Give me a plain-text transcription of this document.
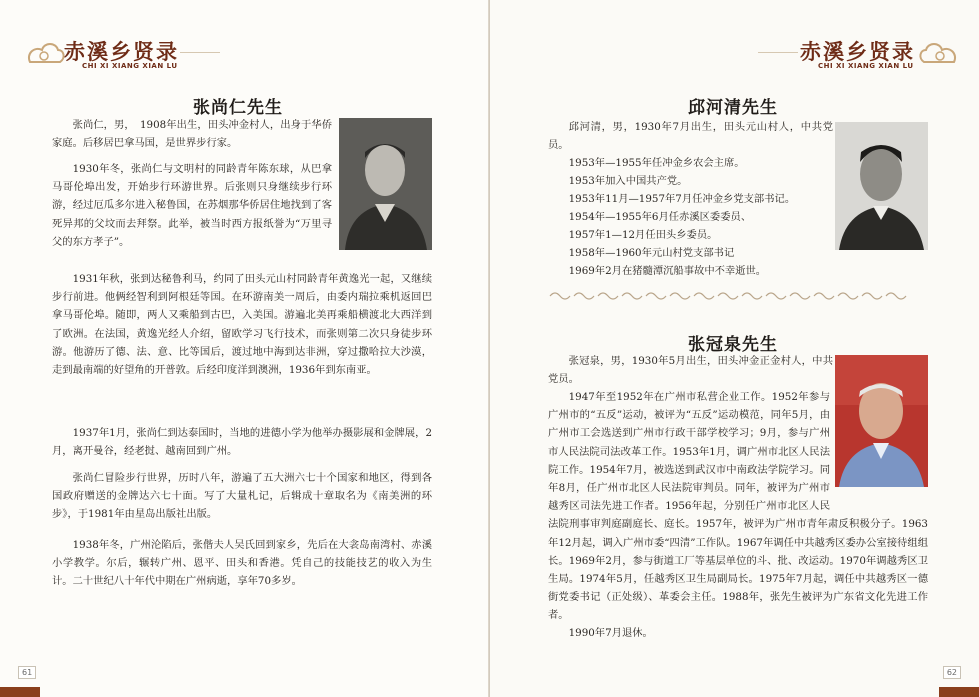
赤溪乡贤录
CHI XI XIANG XIAN LU
张尚仁先生

张尚仁，男，　1908年出生，田头冲金村人，出身于华侨家庭。后移居巴拿马国，是世界步行家。

1930年冬，张尚仁与文明村的同龄青年陈东球，从巴拿马哥伦埠出发，开始步行环游世界。后张则只身继续步行环游，经过厄瓜多尔进入秘鲁国，在苏烟那华侨居住地找到了客死异邦的父坟而去拜祭。此举，被当时西方报纸誉为“万里寻父的东方孝子”。

1931年秋，张到达秘鲁利马，约同了田头元山村同龄青年黄逸光一起，又继续步行前进。他俩经智利到阿根廷等国。在环游南美一周后，由委内瑞拉乘机返回巴拿马哥伦埠。随即，两人又乘船到古巴，入美国。游遍北美再乘船横渡北大西洋到了欧洲。在法国，黄逸光经人介绍，留欧学习飞行技术，而张则第二次只身徒步环游。他游历了德、法、意、比等国后，渡过地中海到达非洲，穿过撒哈拉大沙漠，走到最南端的好望角的开普敦。后经印度洋到澳洲，1936年到东南亚。

1937年1月，张尚仁到达泰国时，当地的进德小学为他举办摄影展和金牌展，2月，离开曼谷，经老挝、越南回到广州。

张尚仁冒险步行世界，历时八年，游遍了五大洲六七十个国家和地区，得到各国政府赠送的金牌达六七十面。写了大量札记，后辑成十章取名为《南美洲的环步》，于1981年由星岛出版社出版。

1938年冬，广州沦陷后，张偕夫人吴氏回到家乡，先后在大衾岛南湾村、赤溪小学教学。尔后，辗转广州、恩平、田头和香港。凭自己的技能技艺的收入为生计。二十世纪八十年代中期在广州病逝，享年70多岁。

61
赤溪乡贤录
CHI XI XIANG XIAN LU
邱河清先生

邱河清，男，1930年7月出生，田头元山村人，中共党员。

1953年—1955年任冲金乡农会主席。

1953年加入中国共产党。

1953年11月—1957年7月任冲金乡党支部书记。

1954年—1955年6月任赤溪区委委员、

1957年1—12月任田头乡委员。

1958年—1960年元山村党支部书记

1969年2月在猪髓潭沉船事故中不幸逝世。

张冠泉先生

张冠泉，男，1930年5月出生，田头冲金正金村人，中共党员。

1947年至1952年在广州市私营企业工作。1952年参与广州市的“五反”运动，被评为“五反”运动模范，同年5月，由广州市工会选送到广州市行政干部学校学习；9月，参与广州市人民法院司法改革工作。1953年1月，调广州市北区人民法院工作。1954年7月，被选送到武汉市中南政法学院学习。同年8月，任广州市北区人民法院审判员。同年，被评为广州市越秀区司法先进工作者。1956年起，分别任广州市北区人民法院刑事审判庭副庭长、庭长。1957年，被评为广州市青年肃反积极分子。1963年12月起，调入广州市委“四清”工作队。1967年调任中共越秀区委办公室接待组组长。1969年2月，参与街道工厂等基层单位的斗、批、改运动。1970年调越秀区卫生局。1974年5月，任越秀区卫生局副局长。1975年7月起，调任中共越秀区一德街党委书记（正处级）、革委会主任。1988年，张先生被评为广东省文化先进工作者。

1990年7月退休。

62
